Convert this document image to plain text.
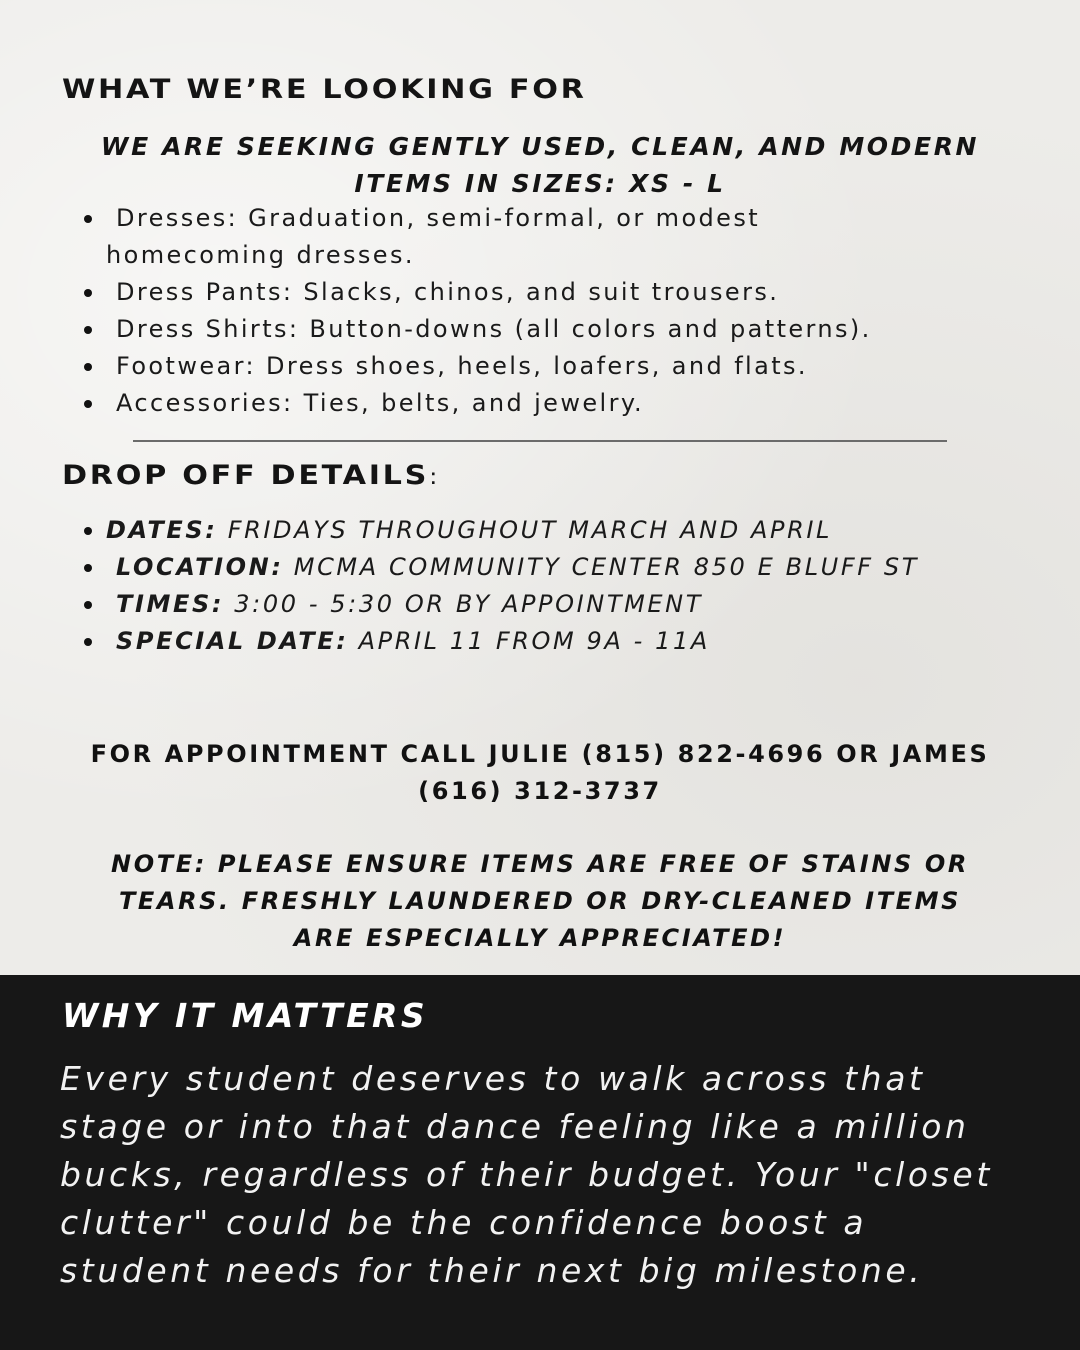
WHAT WE’RE LOOKING FOR

WE ARE SEEKING GENTLY USED, CLEAN, AND MODERN
ITEMS IN SIZES: XS - L

Dresses: Graduation, semi-formal, or modest
homecoming dresses.
Dress Pants: Slacks, chinos, and suit trousers.
Dress Shirts: Button-downs (all colors and patterns).
Footwear: Dress shoes, heels, loafers, and flats.
Accessories: Ties, belts, and jewelry.
DROP OFF DETAILS:
DATES: FRIDAYS THROUGHOUT MARCH AND APRIL
LOCATION: MCMA COMMUNITY CENTER 850 E BLUFF ST
TIMES: 3:00 - 5:30 OR BY APPOINTMENT
SPECIAL DATE: APRIL 11 FROM 9A - 11A

FOR APPOINTMENT CALL JULIE (815) 822-4696 OR JAMES
(616) 312-3737

NOTE: PLEASE ENSURE ITEMS ARE FREE OF STAINS OR
TEARS. FRESHLY LAUNDERED OR DRY-CLEANED ITEMS
ARE ESPECIALLY APPRECIATED!

WHY IT MATTERS

Every student deserves to walk across that
stage or into that dance feeling like a million
bucks, regardless of their budget. Your "closet
clutter" could be the confidence boost a
student needs for their next big milestone.
